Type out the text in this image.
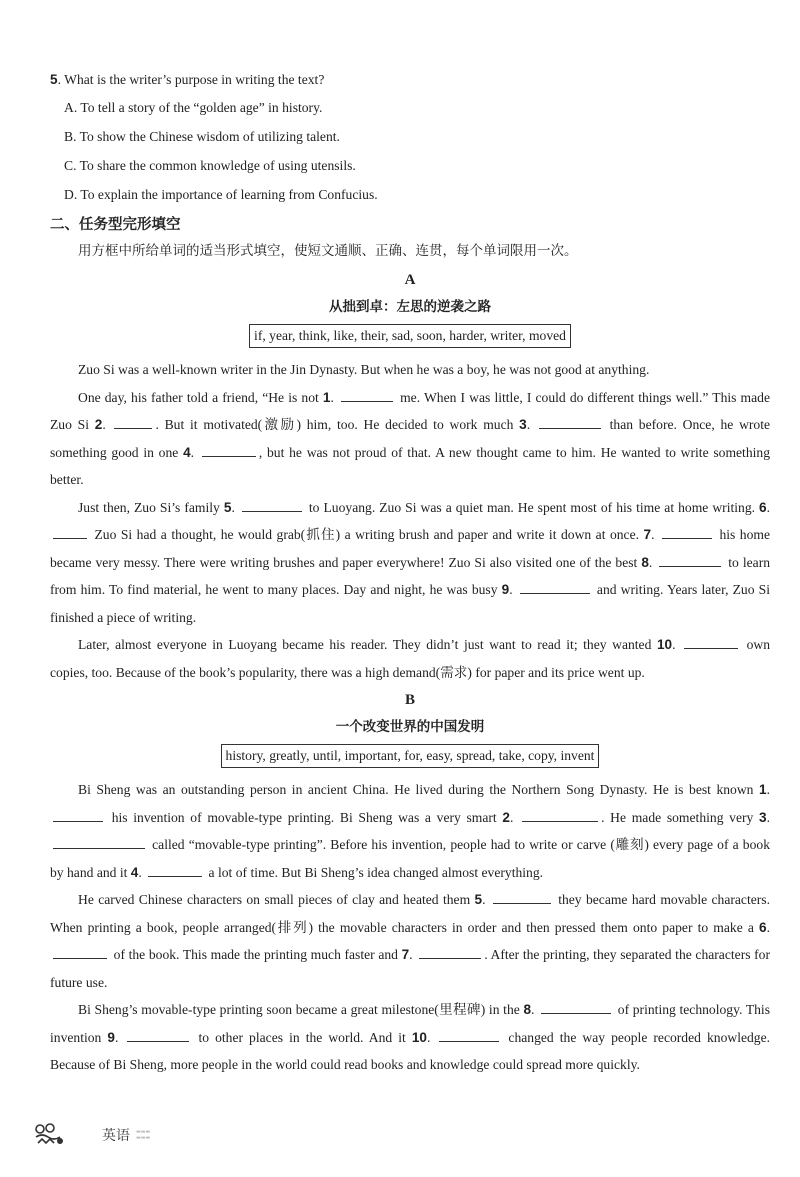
5. What is the writer’s purpose in writing the text?
A. To tell a story of the “golden age” in history.
B. To show the Chinese wisdom of utilizing talent.
C. To share the common knowledge of using utensils.
D. To explain the importance of learning from Confucius.
二、任务型完形填空
用方框中所给单词的适当形式填空，使短文通顺、正确、连贯，每个单词限用一次。
A
从拙到卓：左思的逆袭之路
if, year, think, like, their, sad, soon, harder, writer, moved

Zuo Si was a well-known writer in the Jin Dynasty. But when he was a boy, he was not good at anything.

One day, his father told a friend, “He is not 1.	me. When I was little, I could do different things well.” This made Zuo Si 2.	. But it motivated(激励) him, too. He decided to work much 3.	than before. Once, he wrote something good in one 4.	, but he was not proud of that. A new thought came to him. He wanted to write something better.

Just then, Zuo Si’s family 5.	to Luoyang. Zuo Si was a quiet man. He spent most of his time at home writing. 6.  Zuo Si had a thought, he would grab(抓住) a writing brush and paper and write it down at once. 7.	his home became very messy. There were writing brushes and paper everywhere! Zuo Si also visited one of the best 8.	to learn from him. To find material, he went to many places. Day and night, he was busy 9.	and writing. Years later, Zuo Si finished a piece of writing.

Later, almost everyone in Luoyang became his reader. They didn’t just want to read it; they wanted 10.	own copies, too. Because of the book’s popularity, there was a high demand(需求) for paper and its price went up.

B
一个改变世界的中国发明
history, greatly, until, important, for, easy, spread, take, copy, invent

Bi Sheng was an outstanding person in ancient China. He lived during the Northern Song Dynasty. He is best known 1.  his invention of movable-type printing. Bi Sheng was a very smart 2.	. He made something very 3.  called “movable-type printing”. Before his invention, people had to write or carve (雕刻) every page of a book by hand and it 4.	a lot of time. But Bi Sheng’s idea changed almost everything.

He carved Chinese characters on small pieces of clay and heated them 5.	they became hard movable characters. When printing a book, people arranged(排列) the movable characters in order and then pressed them onto paper to make a 6.  of the book. This made the printing much faster and 7.	. After the printing, they separated the characters for future use.

Bi Sheng’s movable-type printing soon became a great milestone(里程碑) in the 8.	of printing technology. This invention 9.	to other places in the world. And it 10.	changed the way people recorded knowledge. Because of Bi Sheng, more people in the world could read books and knowledge could spread more quickly.

英语 ▬▬▬
▬▬▬
